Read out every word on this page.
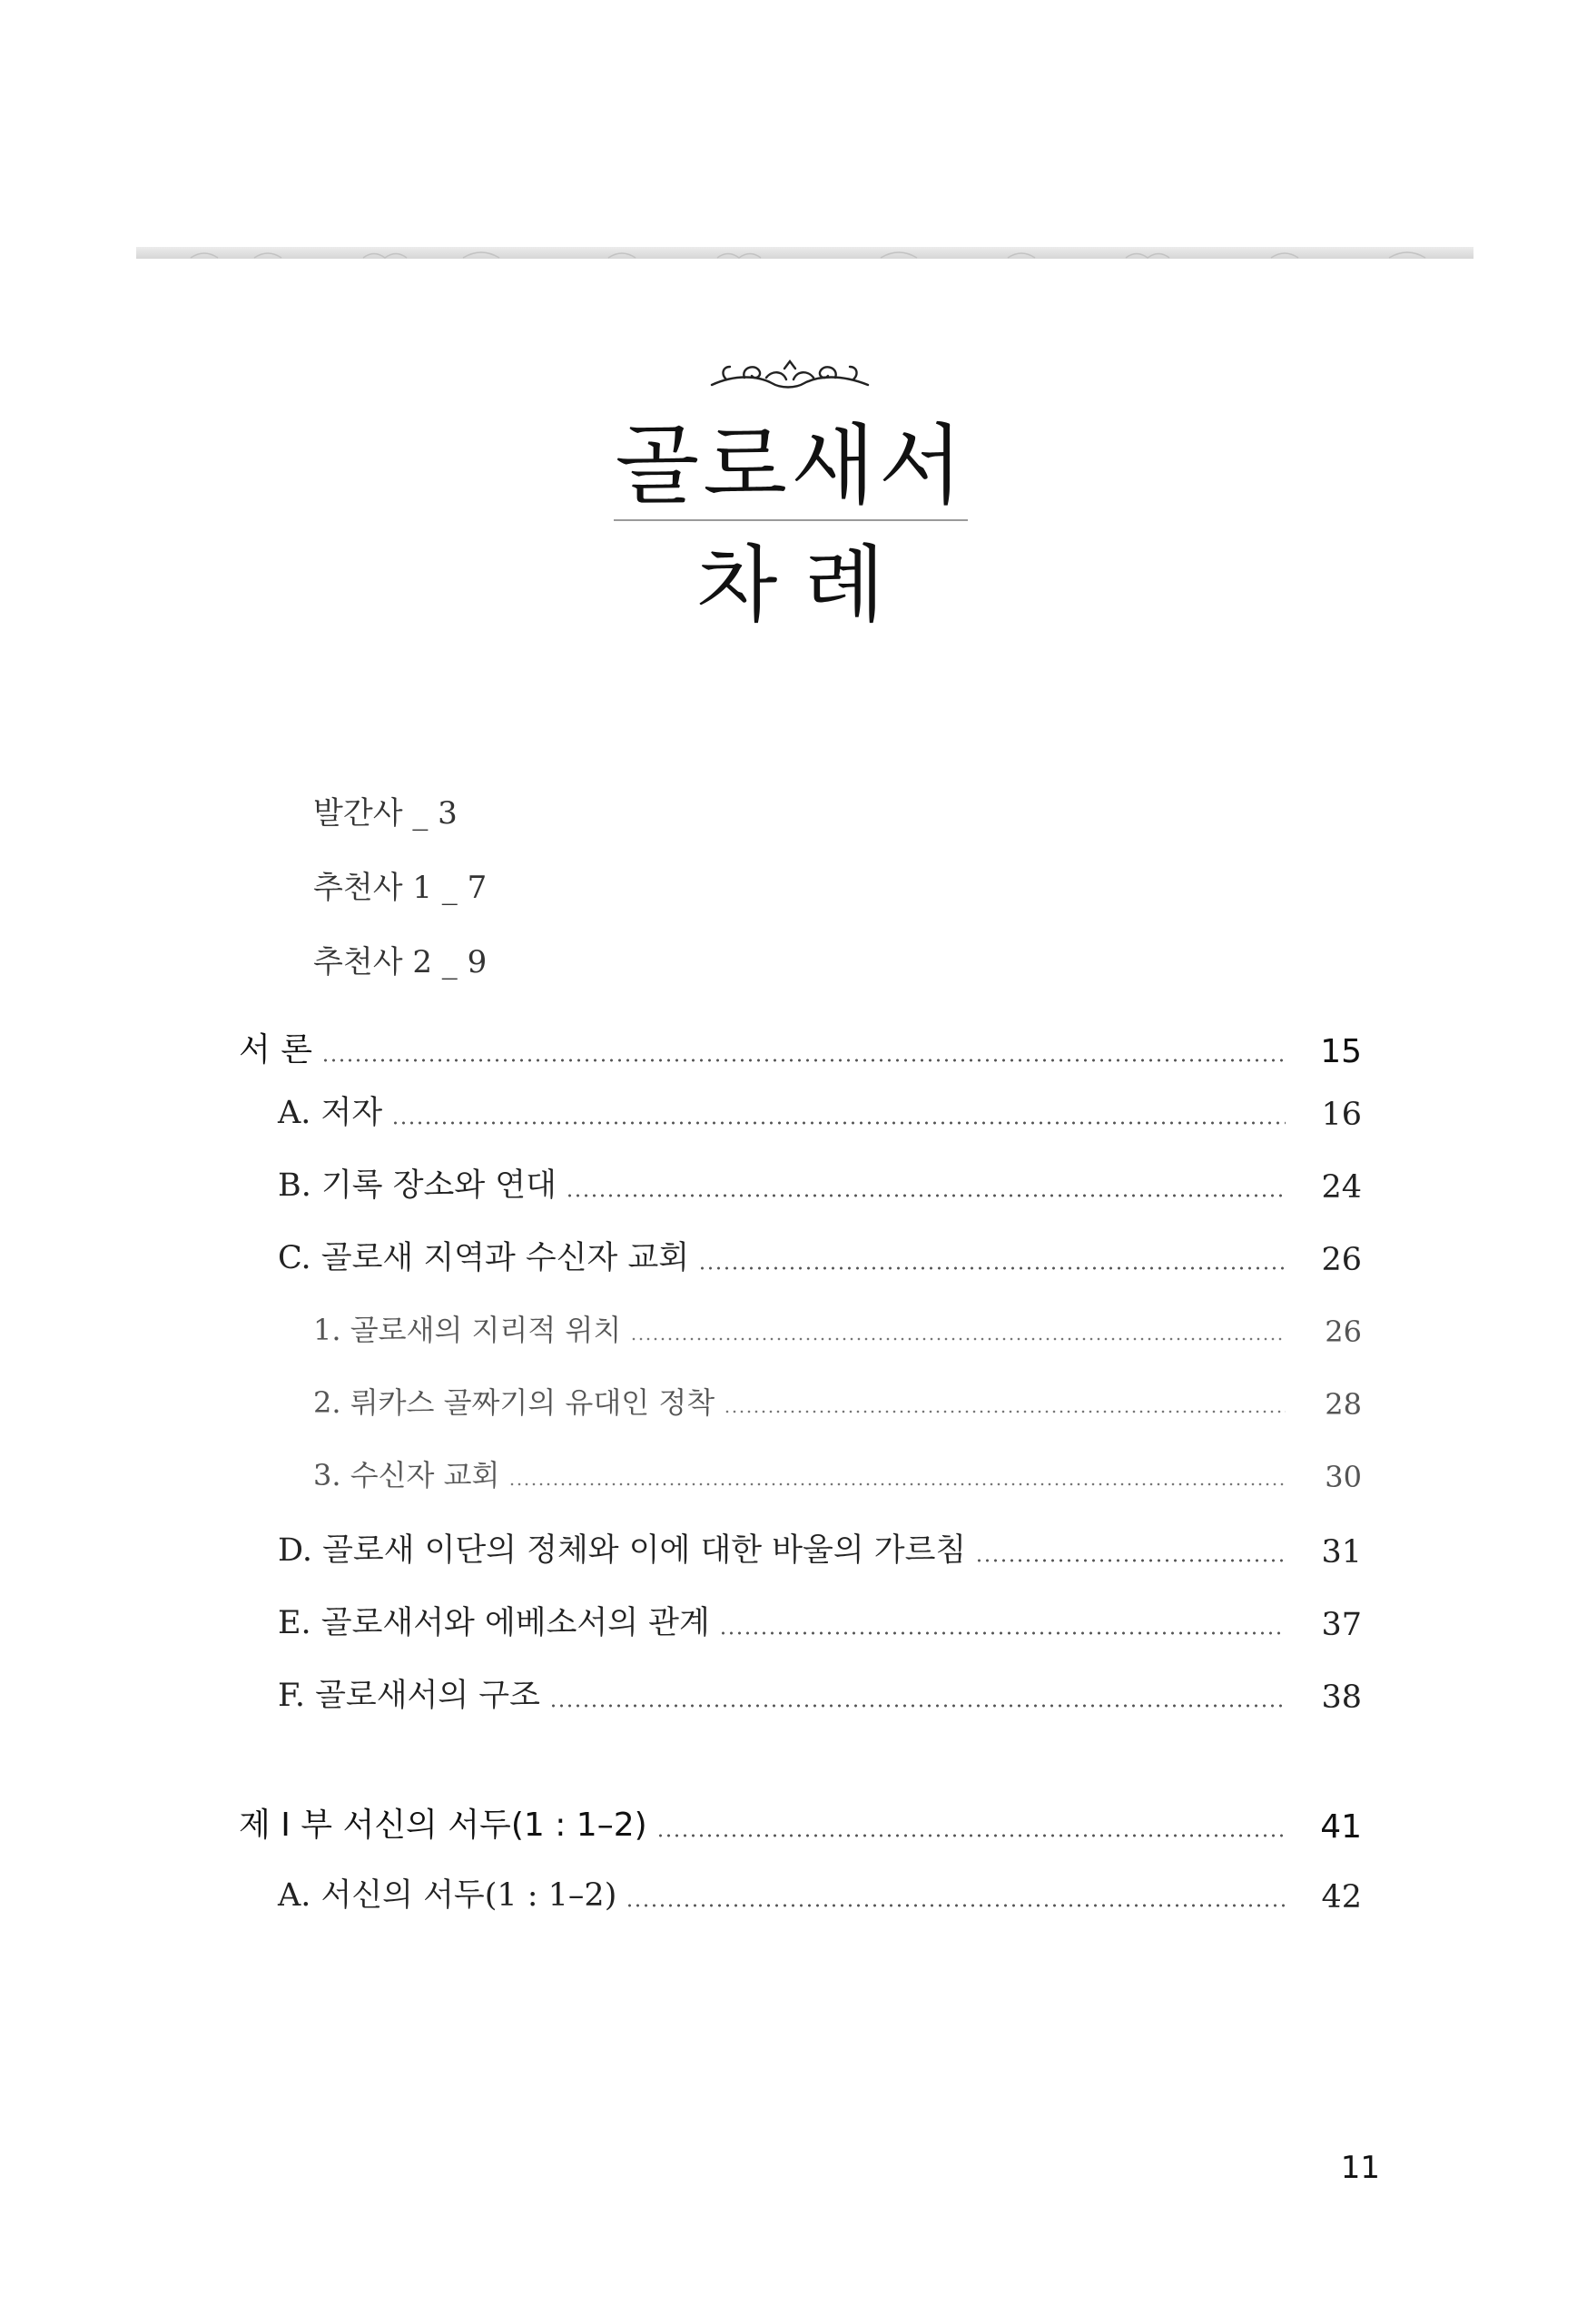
골로새서
차 례
발간사 _ 3
추천사 1 _ 7
추천사 2 _ 9
서 론	15
A. 저자	16
B. 기록 장소와 연대	24
C. 골로새 지역과 수신자 교회	26
1. 골로새의 지리적 위치	26
2. 뤼카스 골짜기의 유대인 정착	28
3. 수신자 교회	30
D. 골로새 이단의 정체와 이에 대한 바울의 가르침	31
E. 골로새서와 에베소서의 관계	37
F. 골로새서의 구조	38
제 I 부 서신의 서두(1 : 1–2)	41
A. 서신의 서두(1 : 1–2)	42
11
